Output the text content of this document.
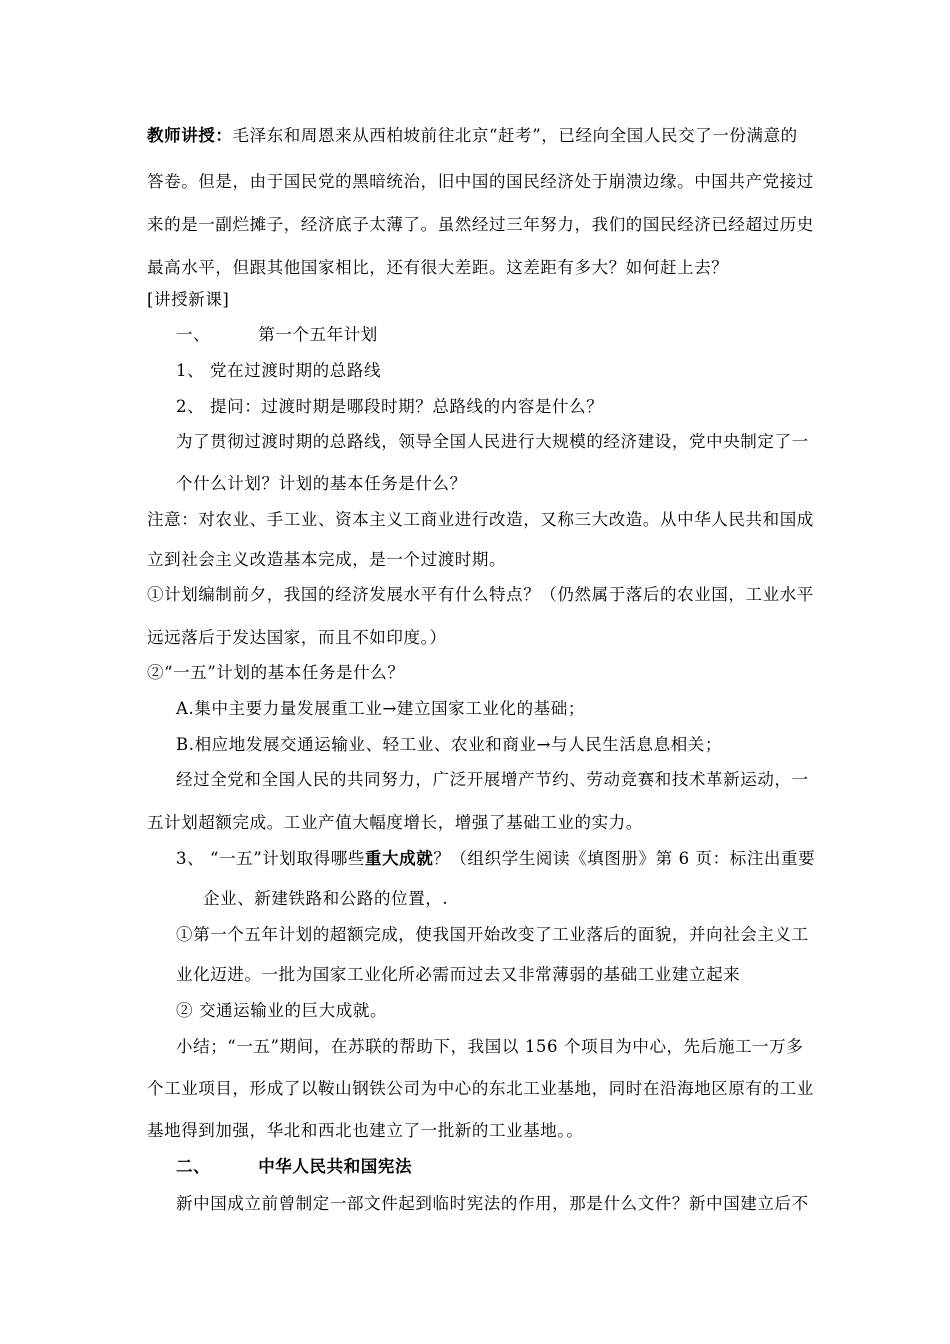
教师讲授：毛泽东和周恩来从西柏坡前往北京“赶考”，已经向全国人民交了一份满意的
答卷。但是，由于国民党的黑暗统治，旧中国的国民经济处于崩溃边缘。中国共产党接过
来的是一副烂摊子，经济底子太薄了。虽然经过三年努力，我们的国民经济已经超过历史
最高水平，但跟其他国家相比，还有很大差距。这差距有多大？如何赶上去？
[讲授新课]
一、	第一个五年计划
1、 党在过渡时期的总路线
2、 提问：过渡时期是哪段时期？总路线的内容是什么？
为了贯彻过渡时期的总路线，领导全国人民进行大规模的经济建设，党中央制定了一
个什么计划？计划的基本任务是什么？
注意：对农业、手工业、资本主义工商业进行改造，又称三大改造。从中华人民共和国成
立到社会主义改造基本完成，是一个过渡时期。
①计划编制前夕，我国的经济发展水平有什么特点？（仍然属于落后的农业国，工业水平
远远落后于发达国家，而且不如印度。）
②“一五”计划的基本任务是什么？
A.集中主要力量发展重工业→建立国家工业化的基础；
B.相应地发展交通运输业、轻工业、农业和商业→与人民生活息息相关；
经过全党和全国人民的共同努力，广泛开展增产节约、劳动竞赛和技术革新运动，一
五计划超额完成。工业产值大幅度增长，增强了基础工业的实力。
3、 “一五”计划取得哪些重大成就？（组织学生阅读《填图册》第 6 页：标注出重要
企业、新建铁路和公路的位置，.
①第一个五年计划的超额完成，使我国开始改变了工业落后的面貌，并向社会主义工
业化迈进。一批为国家工业化所必需而过去又非常薄弱的基础工业建立起来
② 交通运输业的巨大成就。
小结；“一五”期间，在苏联的帮助下，我国以 156 个项目为中心，先后施工一万多
个工业项目，形成了以鞍山钢铁公司为中心的东北工业基地，同时在沿海地区原有的工业
基地得到加强，华北和西北也建立了一批新的工业基地。。
二、	中华人民共和国宪法
新中国成立前曾制定一部文件起到临时宪法的作用，那是什么文件？新中国建立后不
